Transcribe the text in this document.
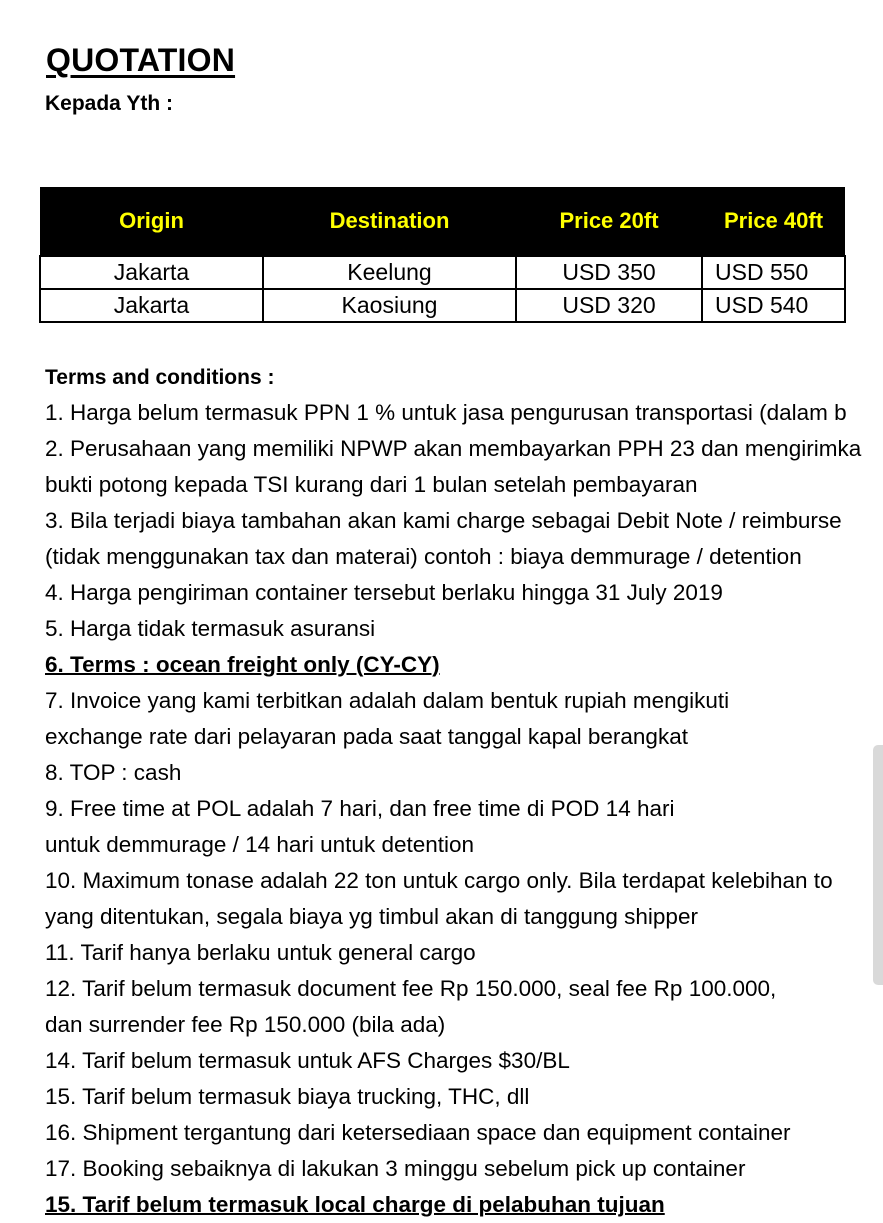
QUOTATION
Kepada Yth :
Origin	Destination	Price 20ft	Price 40ft
Jakarta	Keelung	USD 350	USD 550
Jakarta	Kaosiung	USD 320	USD 540
Terms and conditions :
1. Harga belum termasuk PPN 1 % untuk jasa pengurusan transportasi (dalam b
2. Perusahaan yang memiliki NPWP akan membayarkan PPH 23 dan mengirimka
bukti potong kepada TSI kurang dari 1 bulan setelah pembayaran
3. Bila terjadi biaya tambahan akan kami charge sebagai Debit Note / reimburse
(tidak menggunakan tax dan materai) contoh : biaya demmurage / detention
4. Harga pengiriman container tersebut berlaku hingga 31 July 2019
5. Harga tidak termasuk asuransi
6. Terms : ocean freight only (CY-CY)
7. Invoice yang kami terbitkan adalah dalam bentuk rupiah mengikuti
exchange rate dari pelayaran pada saat tanggal kapal berangkat
8. TOP : cash
9. Free time at POL adalah 7 hari, dan free time di POD 14 hari
untuk demmurage / 14 hari untuk detention
10. Maximum tonase adalah 22 ton untuk cargo only. Bila terdapat kelebihan to
yang ditentukan, segala biaya yg timbul akan di tanggung shipper
11. Tarif hanya berlaku untuk general cargo
12. Tarif belum termasuk document fee Rp 150.000, seal fee Rp 100.000,
dan surrender fee Rp 150.000 (bila ada)
14. Tarif belum termasuk untuk AFS Charges $30/BL
15. Tarif belum termasuk biaya trucking, THC, dll
16. Shipment tergantung dari ketersediaan space dan equipment container
17. Booking sebaiknya di lakukan 3 minggu sebelum pick up container
15. Tarif belum termasuk local charge di pelabuhan tujuan
